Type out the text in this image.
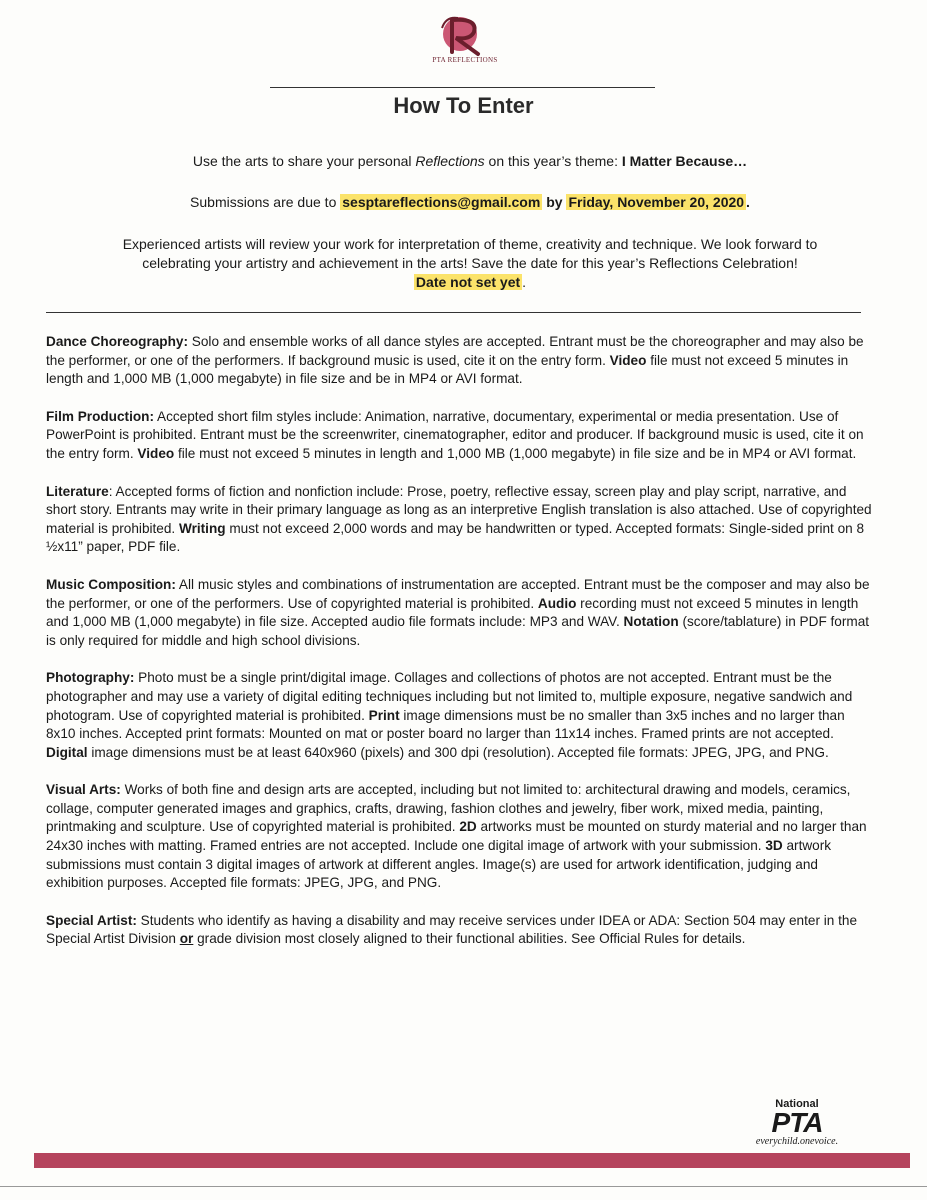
PTA REFLECTIONS
How To Enter
Use the arts to share your personal Reflections on this year’s theme: I Matter Because…
Submissions are due to sesptareflections@gmail.com by Friday, November 20, 2020 .
Experienced artists will review your work for interpretation of theme, creativity and technique. We look forward to
celebrating your artistry and achievement in the arts! Save the date for this year’s Reflections Celebration!
Date not set yet .
Dance Choreography: Solo and ensemble works of all dance styles are accepted. Entrant must be the choreographer and may also be the performer, or one of the performers. If background music is used, cite it on the entry form. Video file must not exceed 5 minutes in length and 1,000 MB (1,000 megabyte) in file size and be in MP4 or AVI format.
Film Production: Accepted short film styles include: Animation, narrative, documentary, experimental or media presentation. Use of PowerPoint is prohibited. Entrant must be the screenwriter, cinematographer, editor and producer. If background music is used, cite it on the entry form. Video file must not exceed 5 minutes in length and 1,000 MB (1,000 megabyte) in file size and be in MP4 or AVI format.
Literature: Accepted forms of fiction and nonfiction include: Prose, poetry, reflective essay, screen play and play script, narrative, and short story. Entrants may write in their primary language as long as an interpretive English translation is also attached. Use of copyrighted material is prohibited. Writing must not exceed 2,000 words and may be handwritten or typed. Accepted formats: Single-sided print on 8 ½x11” paper, PDF file.
Music Composition: All music styles and combinations of instrumentation are accepted. Entrant must be the composer and may also be the performer, or one of the performers. Use of copyrighted material is prohibited. Audio recording must not exceed 5 minutes in length and 1,000 MB (1,000 megabyte) in file size. Accepted audio file formats include: MP3 and WAV. Notation (score/tablature) in PDF format is only required for middle and high school divisions.
Photography: Photo must be a single print/digital image. Collages and collections of photos are not accepted. Entrant must be the photographer and may use a variety of digital editing techniques including but not limited to, multiple exposure, negative sandwich and photogram. Use of copyrighted material is prohibited. Print image dimensions must be no smaller than 3x5 inches and no larger than 8x10 inches. Accepted print formats: Mounted on mat or poster board no larger than 11x14 inches. Framed prints are not accepted. Digital image dimensions must be at least 640x960 (pixels) and 300 dpi (resolution). Accepted file formats: JPEG, JPG, and PNG.
Visual Arts: Works of both fine and design arts are accepted, including but not limited to: architectural drawing and models, ceramics, collage, computer generated images and graphics, crafts, drawing, fashion clothes and jewelry, fiber work, mixed media, painting, printmaking and sculpture. Use of copyrighted material is prohibited. 2D artworks must be mounted on sturdy material and no larger than 24x30 inches with matting. Framed entries are not accepted. Include one digital image of artwork with your submission. 3D artwork submissions must contain 3 digital images of artwork at different angles. Image(s) are used for artwork identification, judging and exhibition purposes. Accepted file formats: JPEG, JPG, and PNG.
Special Artist: Students who identify as having a disability and may receive services under IDEA or ADA: Section 504 may enter in the Special Artist Division or grade division most closely aligned to their functional abilities. See Official Rules for details.
National
PTA
everychild.onevoice.
